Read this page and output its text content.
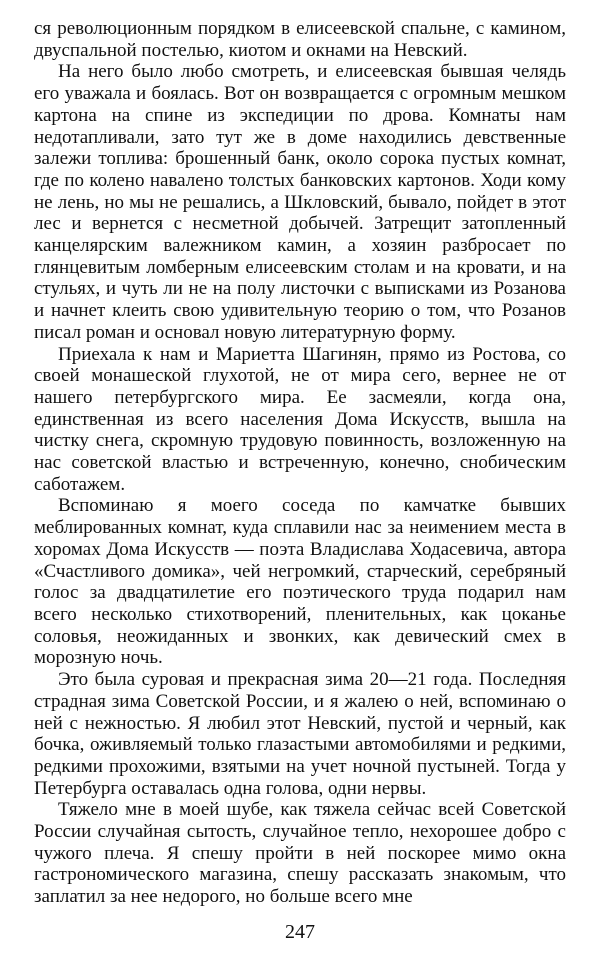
ся революционным порядком в елисеевской спальне, с камином, двуспальной постелью, киотом и окнами на Невский.

На него было любо смотреть, и елисеевская бывшая челядь его уважала и боялась. Вот он возвращается с огромным мешком картона на спине из экспедиции по дрова. Комнаты нам недотапливали, зато тут же в доме находились девственные залежи топлива: брошенный банк, около сорока пустых комнат, где по колено навалено толстых банковских картонов. Ходи кому не лень, но мы не решались, а Шкловский, бывало, пойдет в этот лес и вернется с несметной добычей. Затрещит затопленный канцелярским валежником камин, а хозяин разбросает по глянцевитым ломберным елисеевским столам и на кровати, и на стульях, и чуть ли не на полу листочки с выписками из Розанова и начнет клеить свою удивительную теорию о том, что Розанов писал роман и основал новую литературную форму.

Приехала к нам и Мариетта Шагинян, прямо из Ростова, со своей монашеской глухотой, не от мира сего, вернее не от нашего петербургского мира. Ее засмеяли, когда она, единственная из всего населения Дома Искусств, вышла на чистку снега, скромную трудовую повинность, возложенную на нас советской властью и встреченную, конечно, снобическим саботажем.

Вспоминаю я моего соседа по камчатке бывших меблированных комнат, куда сплавили нас за неимением места в хоромах Дома Искусств — поэта Владислава Ходасевича, автора «Счастливого домика», чей негромкий, старческий, серебряный голос за двадцатилетие его поэтического труда подарил нам всего несколько стихотворений, пленительных, как цоканье соловья, неожиданных и звонких, как девический смех в морозную ночь.

Это была суровая и прекрасная зима 20—21 года. Последняя страдная зима Советской России, и я жалею о ней, вспоминаю о ней с нежностью. Я любил этот Невский, пустой и черный, как бочка, оживляемый только глазастыми автомобилями и редкими, редкими прохожими, взятыми на учет ночной пустыней. Тогда у Петербурга оставалась одна голова, одни нервы.

Тяжело мне в моей шубе, как тяжела сейчас всей Советской России случайная сытость, случайное тепло, нехорошее добро с чужого плеча. Я спешу пройти в ней поскорее мимо окна гастрономического магазина, спешу рассказать знакомым, что заплатил за нее недорого, но больше всего мне

247
